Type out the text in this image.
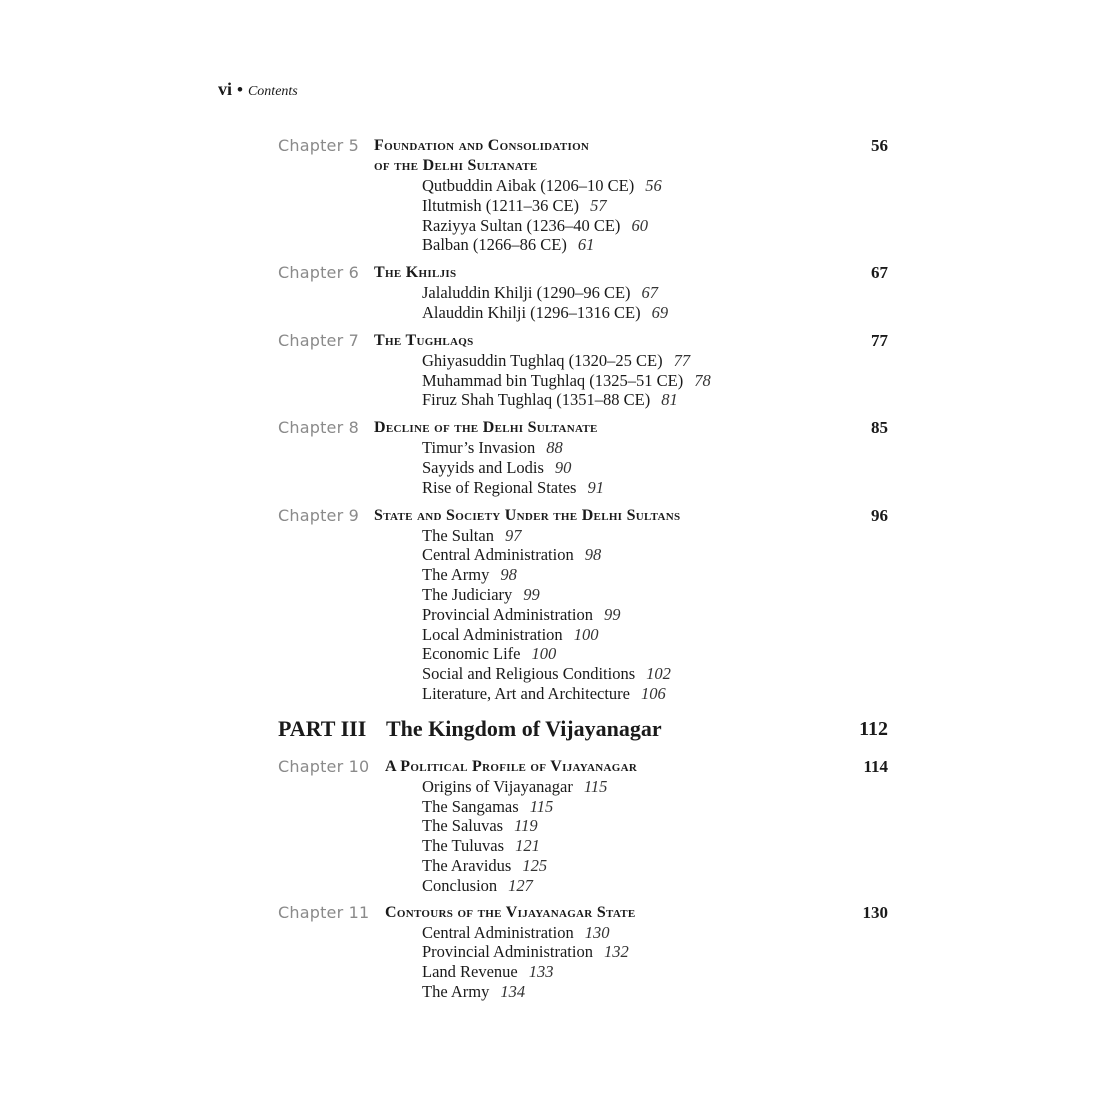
vi • Contents
Chapter 5 Foundation and Consolidation	56
of the Delhi Sultanate
Qutbuddin Aibak (1206–10 CE) 56
Iltutmish (1211–36 CE) 57
Raziyya Sultan (1236–40 CE) 60
Balban (1266–86 CE) 61
Chapter 6 The Khiljis	67
Jalaluddin Khilji (1290–96 CE) 67
Alauddin Khilji (1296–1316 CE) 69
Chapter 7 The Tughlaqs	77
Ghiyasuddin Tughlaq (1320–25 CE) 77
Muhammad bin Tughlaq (1325–51 CE) 78
Firuz Shah Tughlaq (1351–88 CE) 81
Chapter 8 Decline of the Delhi Sultanate	85
Timur’s Invasion 88
Sayyids and Lodis 90
Rise of Regional States 91
Chapter 9 State and Society Under the Delhi Sultans	96
The Sultan 97
Central Administration 98
The Army 98
The Judiciary 99
Provincial Administration 99
Local Administration 100
Economic Life 100
Social and Religious Conditions 102
Literature, Art and Architecture 106
PART III The Kingdom of Vijayanagar	112
Chapter 10 A Political Profile of Vijayanagar	114
Origins of Vijayanagar 115
The Sangamas 115
The Saluvas 119
The Tuluvas 121
The Aravidus 125
Conclusion 127
Chapter 11 Contours of the Vijayanagar State	130
Central Administration 130
Provincial Administration 132
Land Revenue 133
The Army 134
